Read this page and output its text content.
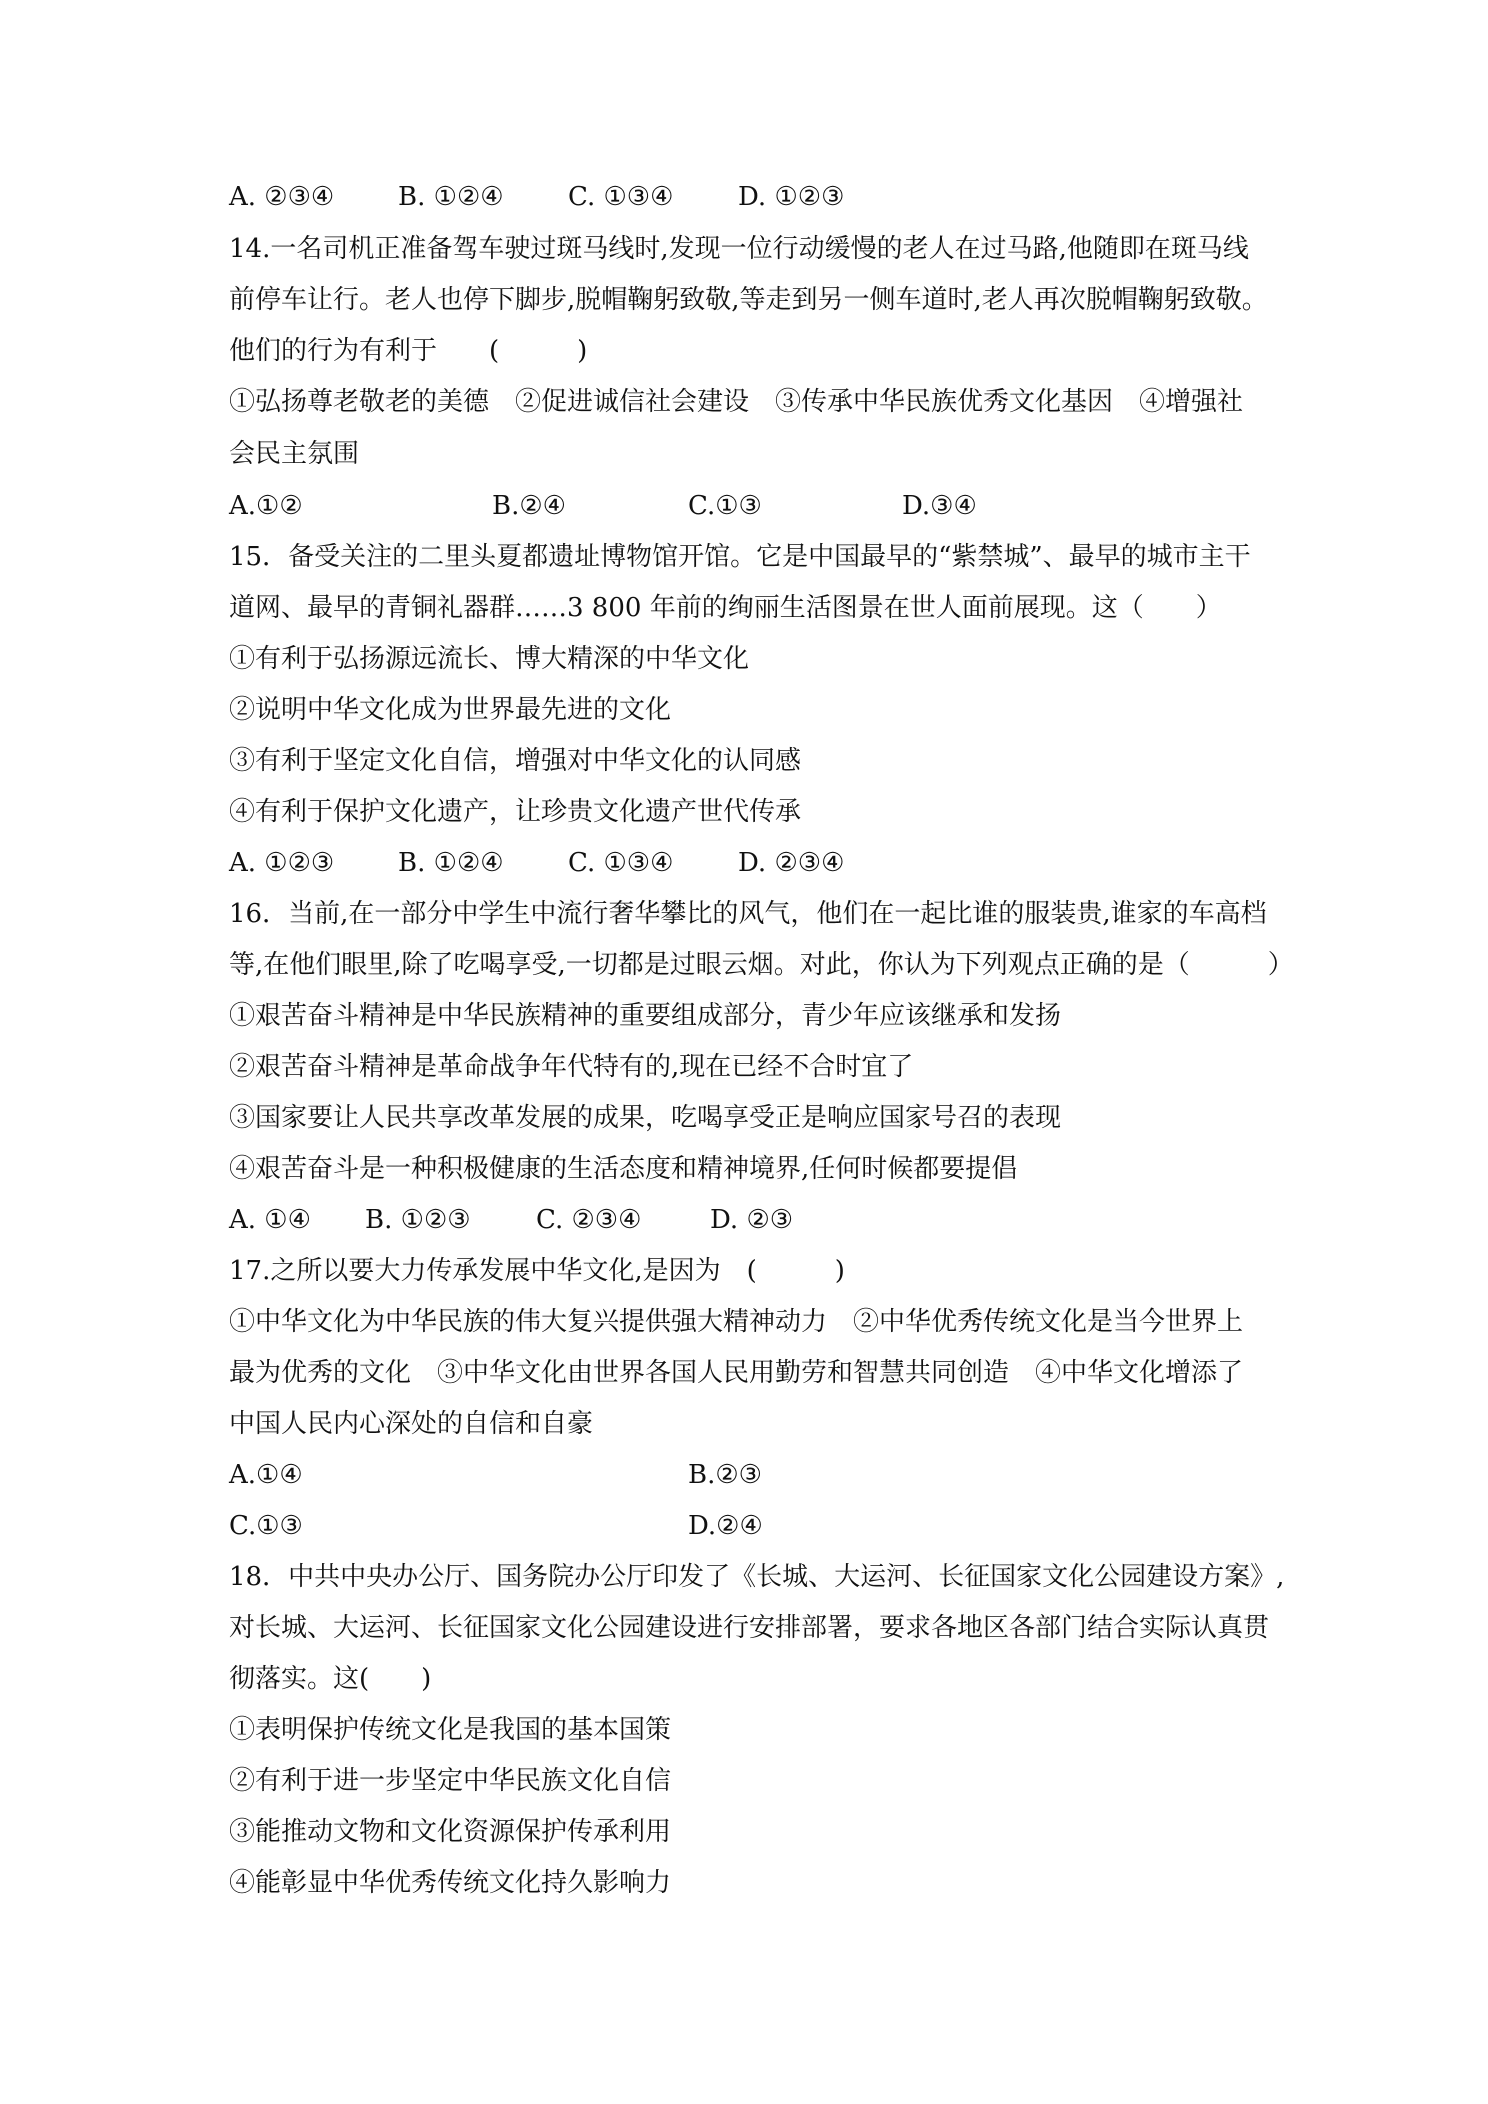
A. ②③④ B. ①②④ C. ①③④ D. ①②③
14.一名司机正准备驾车驶过斑马线时,发现一位行动缓慢的老人在过马路,他随即在斑马线
前停车让行。老人也停下脚步,脱帽鞠躬致敬,等走到另一侧车道时,老人再次脱帽鞠躬致敬。
他们的行为有利于　　(　　　)
①弘扬尊老敬老的美德　②促进诚信社会建设　③传承中华民族优秀文化基因　④增强社
会民主氛围
A.①②	B.②④	C.①③	D.③④
15．备受关注的二里头夏都遗址博物馆开馆。它是中国最早的“紫禁城”、最早的城市主干
道网、最早的青铜礼器群……3 800 年前的绚丽生活图景在世人面前展现。这（　　）
①有利于弘扬源远流长、博大精深的中华文化
②说明中华文化成为世界最先进的文化
③有利于坚定文化自信，增强对中华文化的认同感
④有利于保护文化遗产，让珍贵文化遗产世代传承
A. ①②③ B. ①②④ C. ①③④ D. ②③④
16．当前,在一部分中学生中流行奢华攀比的风气，他们在一起比谁的服装贵,谁家的车高档
等,在他们眼里,除了吃喝享受,一切都是过眼云烟。对此，你认为下列观点正确的是（　　　）
①艰苦奋斗精神是中华民族精神的重要组成部分，青少年应该继承和发扬
②艰苦奋斗精神是革命战争年代特有的,现在已经不合时宜了
③国家要让人民共享改革发展的成果，吃喝享受正是响应国家号召的表现
④艰苦奋斗是一种积极健康的生活态度和精神境界,任何时候都要提倡
A. ①④ B. ①②③	C. ②③④	D. ②③
17.之所以要大力传承发展中华文化,是因为　(　　　)
①中华文化为中华民族的伟大复兴提供强大精神动力　②中华优秀传统文化是当今世界上
最为优秀的文化　③中华文化由世界各国人民用勤劳和智慧共同创造　④中华文化增添了
中国人民内心深处的自信和自豪
A.①④	B.②③
C.①③	D.②④
18．中共中央办公厅、国务院办公厅印发了《长城、大运河、长征国家文化公园建设方案》,
对长城、大运河、长征国家文化公园建设进行安排部署，要求各地区各部门结合实际认真贯
彻落实。这(　　)
①表明保护传统文化是我国的基本国策
②有利于进一步坚定中华民族文化自信
③能推动文物和文化资源保护传承利用
④能彰显中华优秀传统文化持久影响力
